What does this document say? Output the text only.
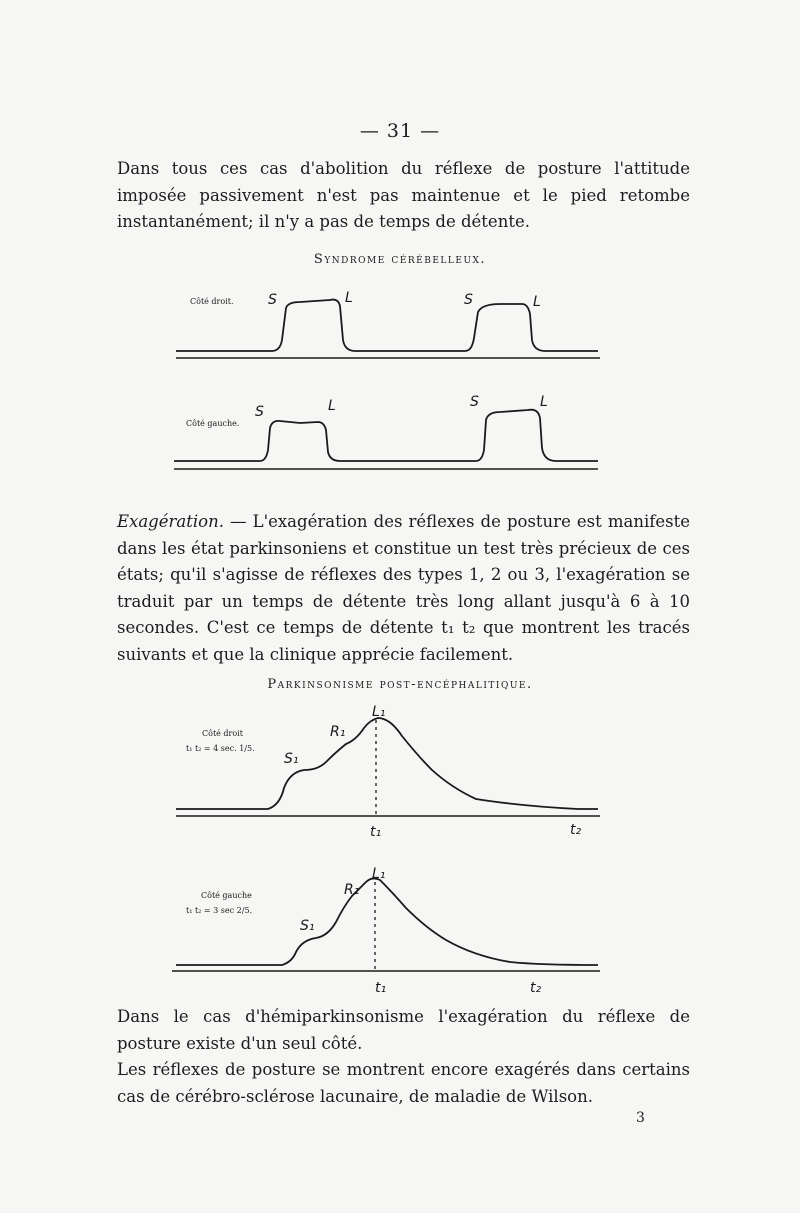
— 31 —

Dans tous ces cas d'abolition du réflexe de posture l'attitude imposée passivement n'est pas maintenue et le pied retombe instantanément; il n'y a pas de temps de détente.

Syndrome cérébelleux.
Côté droit. S	L	S	L
Côté gauche.
S	L	S	L

Exagération. — L'exagération des réflexes de posture est manifeste dans les état parkinsoniens et constitue un test très précieux de ces états; qu'il s'agisse de réflexes des types 1, 2 ou 3, l'exagération se traduit par un temps de détente très long allant jusqu'à 6 à 10 secondes. C'est ce temps de détente t₁ t₂ que montrent les tracés suivants et que la clinique apprécie facilement.

Parkinsonisme post-encéphalitique.
Côté droit
t₁ t₂ = 4 sec. 1/5.
S₁
R₁
L₁
t₁	t₂
Côté gauche
t₁ t₂ = 3 sec 2/5.
S₁
R₁
L₁
t₁	t₂

Dans le cas d'hémiparkinsonisme l'exagération du réflexe de posture existe d'un seul côté.

Les réflexes de posture se montrent encore exagérés dans certains cas de cérébro-sclérose lacunaire, de maladie de Wilson.

3
